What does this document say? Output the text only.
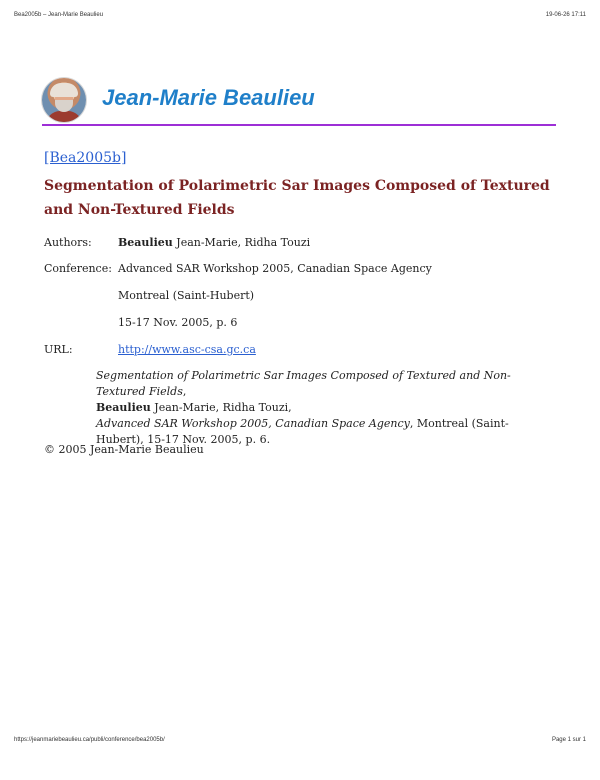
Bea2005b – Jean-Marie Beaulieu	19-06-26 17:11
Jean-Marie Beaulieu
[Bea2005b]
Segmentation of Polarimetric Sar Images Composed of Textured and Non-Textured Fields
Authors: Beaulieu Jean-Marie, Ridha Touzi
Conference: Advanced SAR Workshop 2005, Canadian Space Agency
Montreal (Saint-Hubert)
15-17 Nov. 2005, p. 6
URL:	http://www.asc-csa.gc.ca
Segmentation of Polarimetric Sar Images Composed of Textured and Non-Textured Fields,
Beaulieu Jean-Marie, Ridha Touzi,
Advanced SAR Workshop 2005, Canadian Space Agency, Montreal (Saint-Hubert), 15-17 Nov. 2005, p. 6.
© 2005 Jean-Marie Beaulieu
https://jeanmariebeaulieu.ca/publi/conference/bea2005b/	Page 1 sur 1
